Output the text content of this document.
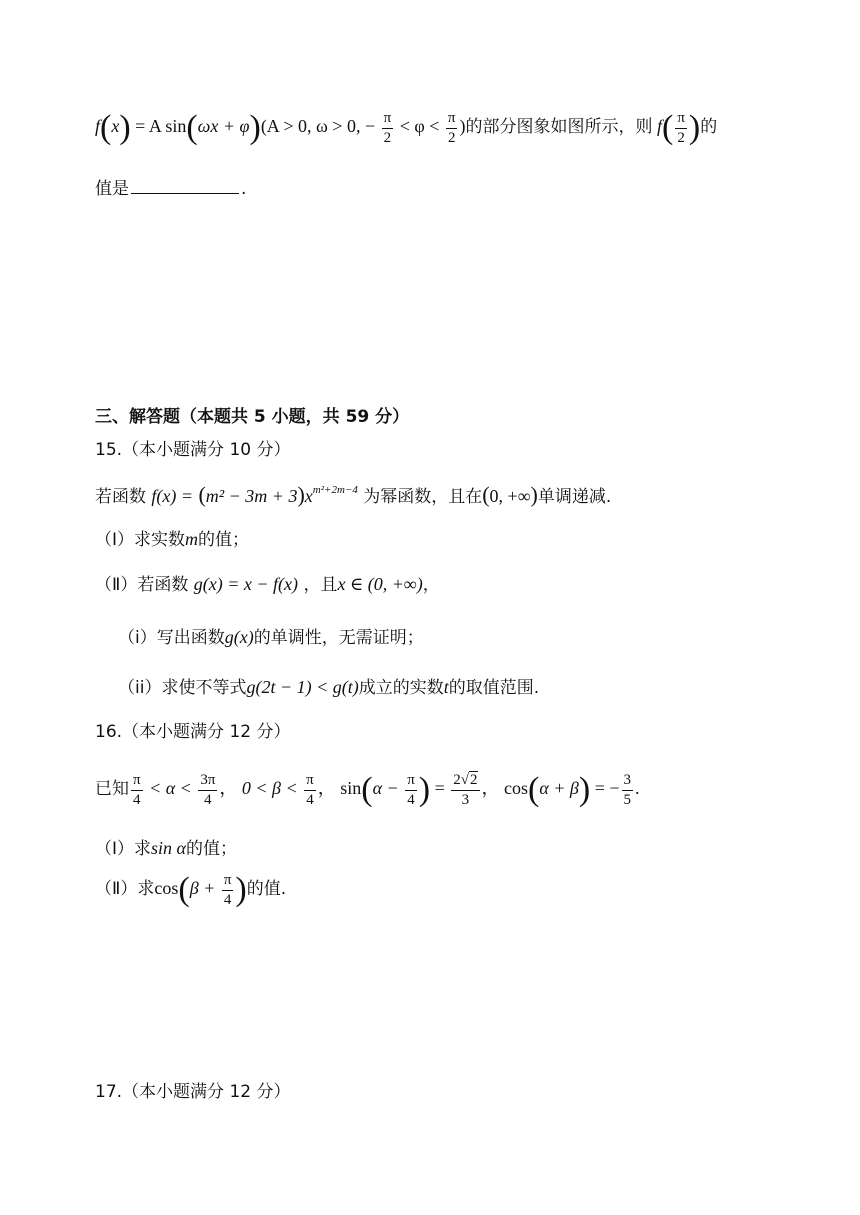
f(x) = A sin(ωx + φ)(A > 0, ω > 0, − $\frac{\pi}{2} < \varphi < \frac{\pi}{2}$ )的部分图象如图所示，则 $f( \frac{\pi}{2}$ )的
值是	.
三、解答题（本题共 5 小题，共 59 分）
15.（本小题满分 10 分）
若函数 $f(x) = (m^2 - 3m + 3)x^{m^2+2m-4}$ 为幂函数，且在(0, +∞)单调递减.
（Ⅰ）求实数m的值；
（Ⅱ）若函数 g(x) = x − f(x) ，且x ∈ (0, +∞)，
（i）写出函数g(x)的单调性，无需证明；
（ii）求使不等式g(2t − 1) < g(t)成立的实数t的取值范围.
16.（本小题满分 12 分）
已知 $\frac{\pi}{4} < \alpha < \frac{3\pi}{4}$ ， $0 < \beta < \frac{\pi}{4}$ ， $\sin(\alpha - \frac{\pi}{4}$ ) = $\frac{2√2}{3}$ ， cos(α + β) = − $\frac{3}{5}$ .
（Ⅰ）求sin α的值；
（Ⅱ）求$\cos(\beta + \frac{\pi}{4}$ )的值.
17.（本小题满分 12 分）
